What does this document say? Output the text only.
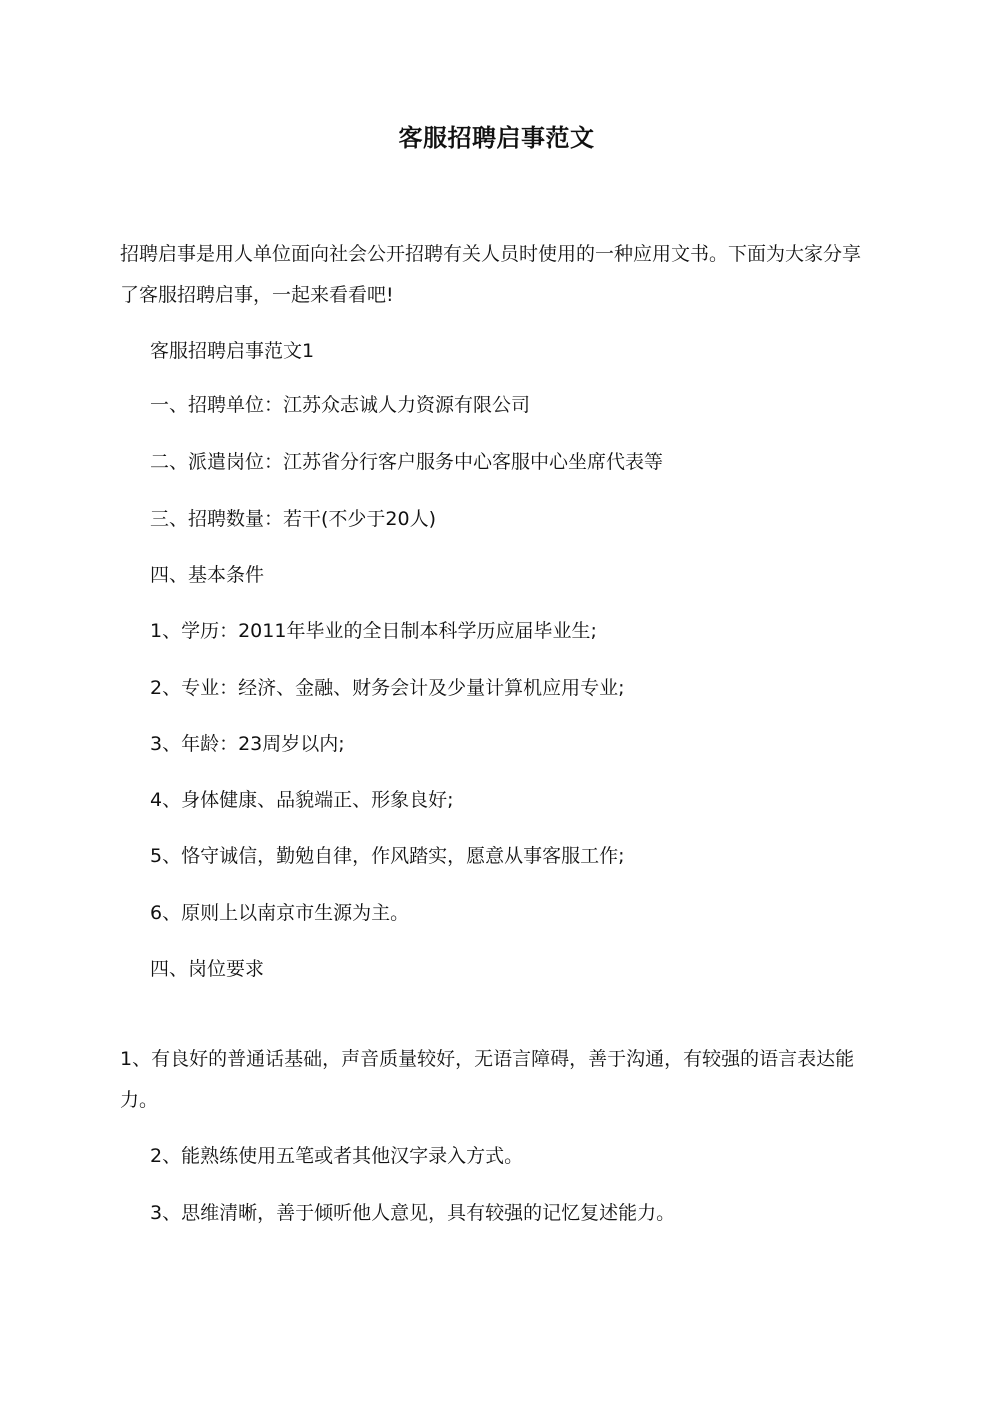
客服招聘启事范文
招聘启事是用人单位面向社会公开招聘有关人员时使用的一种应用文书。下面为大家分享了客服招聘启事，一起来看看吧!
客服招聘启事范文1
一、招聘单位：江苏众志诚人力资源有限公司
二、派遣岗位：江苏省分行客户服务中心客服中心坐席代表等
三、招聘数量：若干(不少于20人)
四、基本条件
1、学历：2011年毕业的全日制本科学历应届毕业生;
2、专业：经济、金融、财务会计及少量计算机应用专业;
3、年龄：23周岁以内;
4、身体健康、品貌端正、形象良好;
5、恪守诚信，勤勉自律，作风踏实，愿意从事客服工作;
6、原则上以南京市生源为主。
四、岗位要求
1、有良好的普通话基础，声音质量较好，无语言障碍，善于沟通，有较强的语言表达能力。
2、能熟练使用五笔或者其他汉字录入方式。
3、思维清晰，善于倾听他人意见，具有较强的记忆复述能力。
